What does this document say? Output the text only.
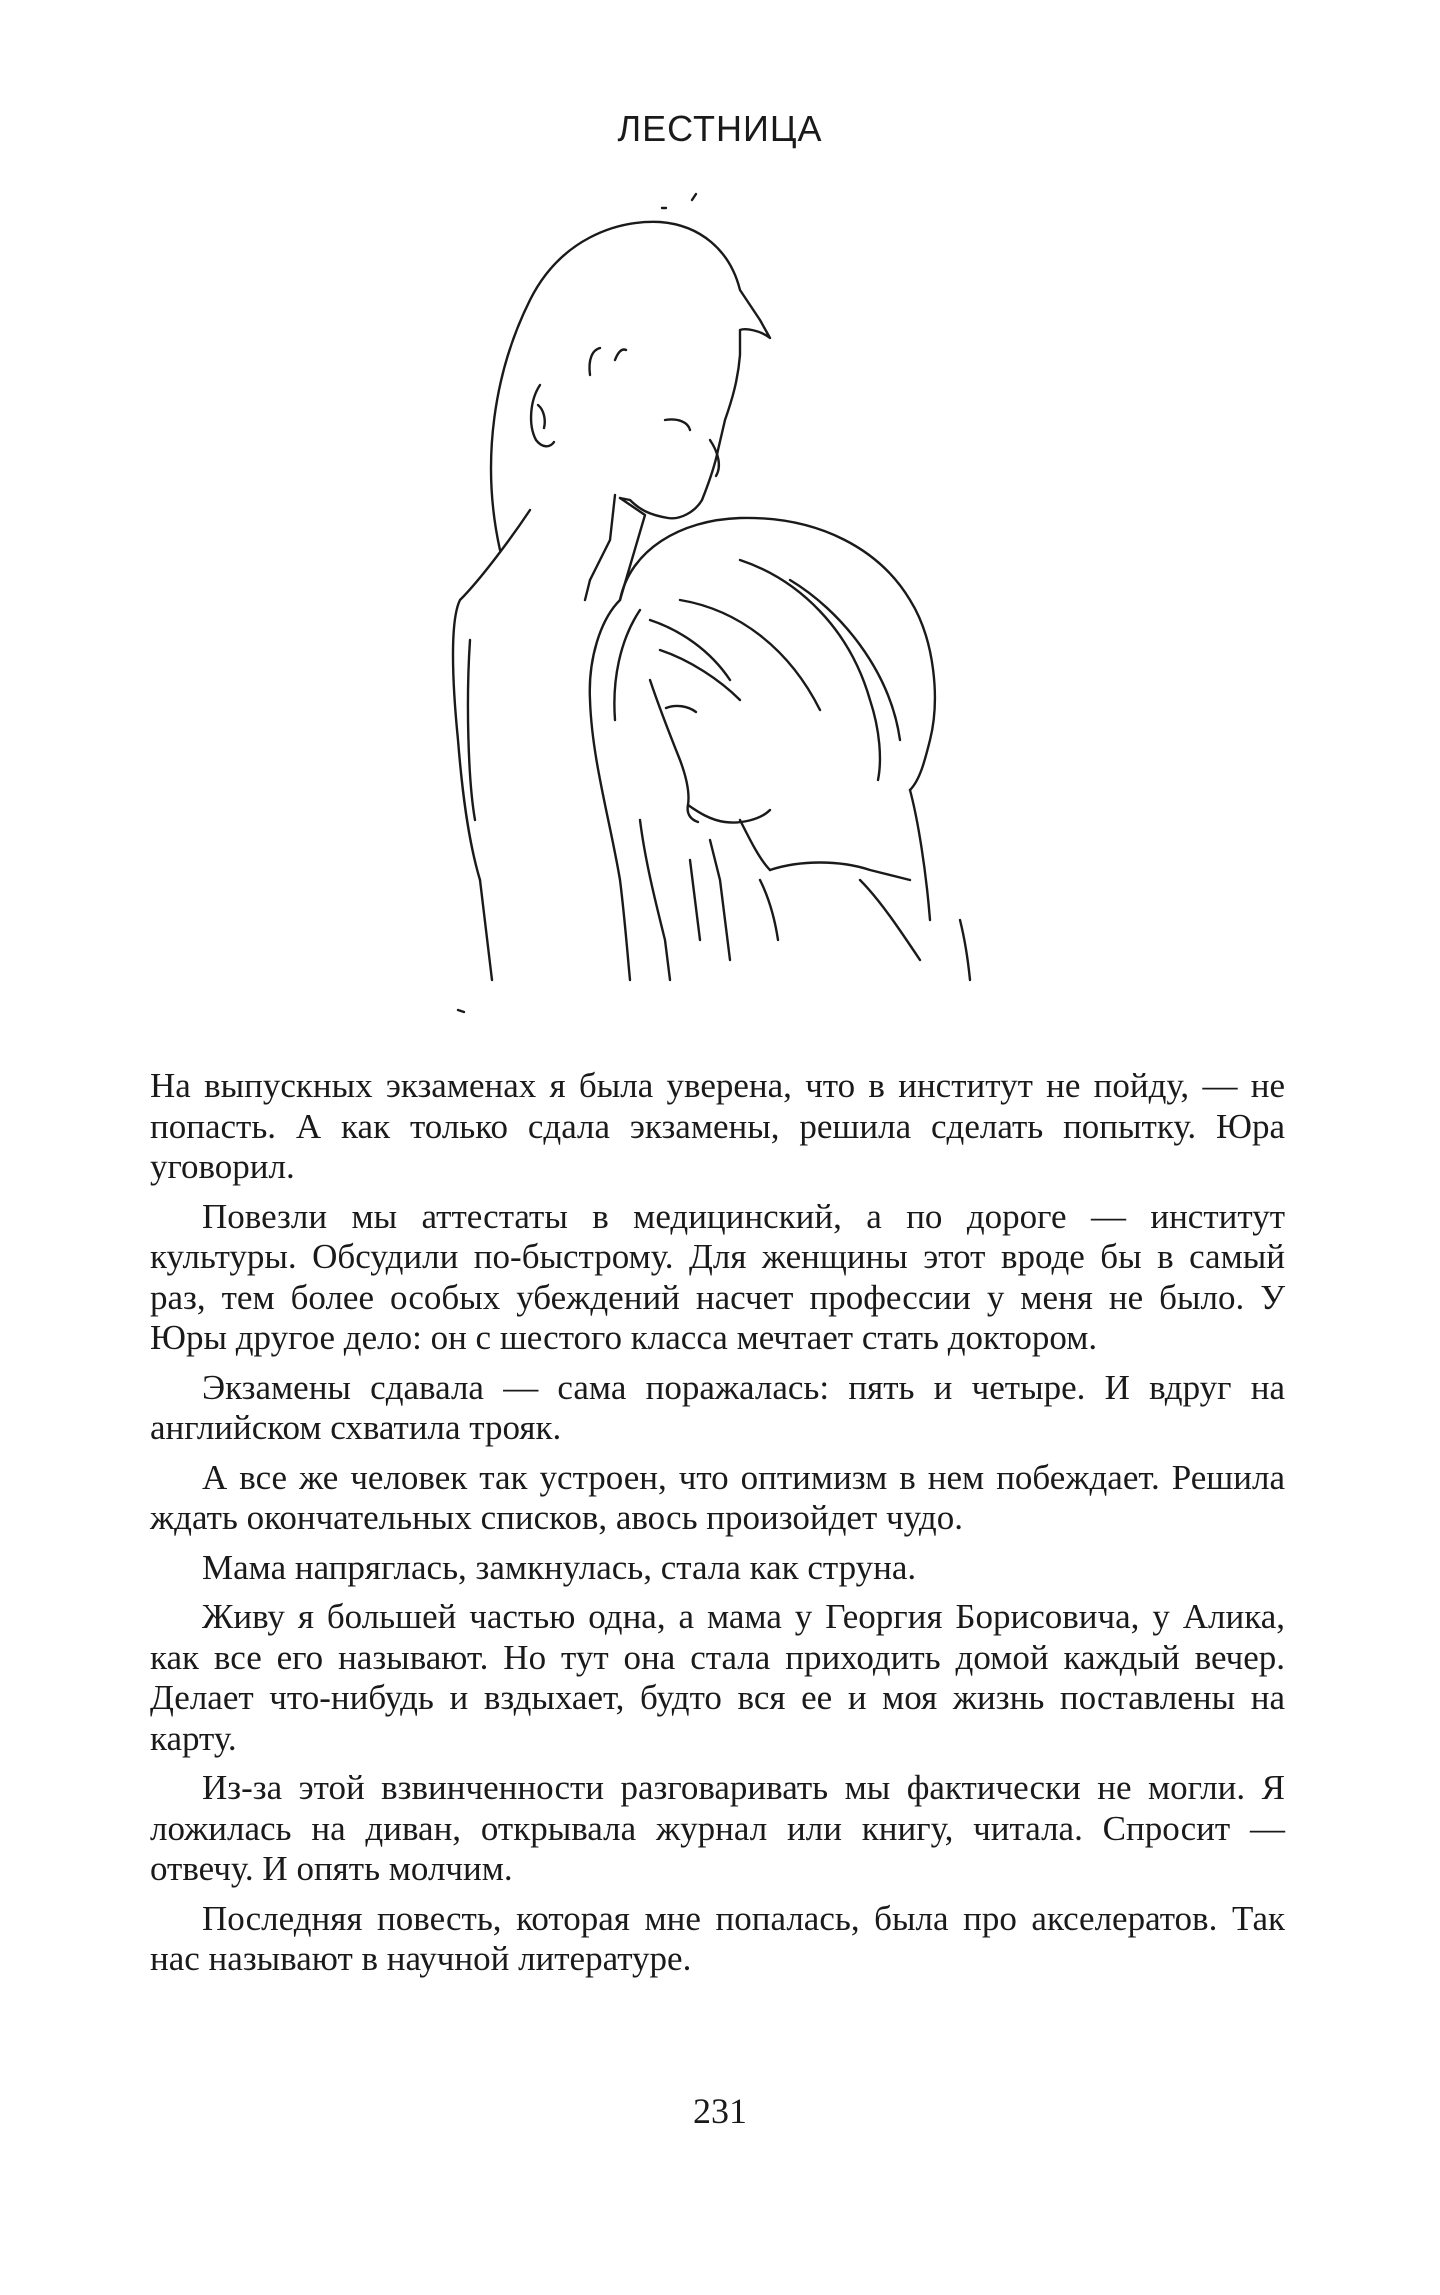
ЛЕСТНИЦА

На выпускных экзаменах я была уверена, что в институт не пойду, — не попасть. А как только сдала экзамены, решила сделать попытку. Юра уговорил.

Повезли мы аттестаты в медицинский, а по дороге — институт культуры. Обсудили по-быстрому. Для женщины этот вроде бы в самый раз, тем более особых убеждений насчет профессии у меня не было. У Юры другое дело: он с шестого класса мечтает стать доктором.

Экзамены сдавала — сама поражалась: пять и четыре. И вдруг на английском схватила трояк.

А все же человек так устроен, что оптимизм в нем побеждает. Решила ждать окончательных списков, авось произойдет чудо.

Мама напряглась, замкнулась, стала как струна.

Живу я большей частью одна, а мама у Георгия Борисовича, у Алика, как все его называют. Но тут она стала приходить домой каждый вечер. Делает что-нибудь и вздыхает, будто вся ее и моя жизнь поставлены на карту.

Из-за этой взвинченности разговаривать мы фактически не могли. Я ложилась на диван, открывала журнал или книгу, читала. Спросит — отвечу. И опять молчим.

Последняя повесть, которая мне попалась, была про акселератов. Так нас называют в научной литературе.

231
